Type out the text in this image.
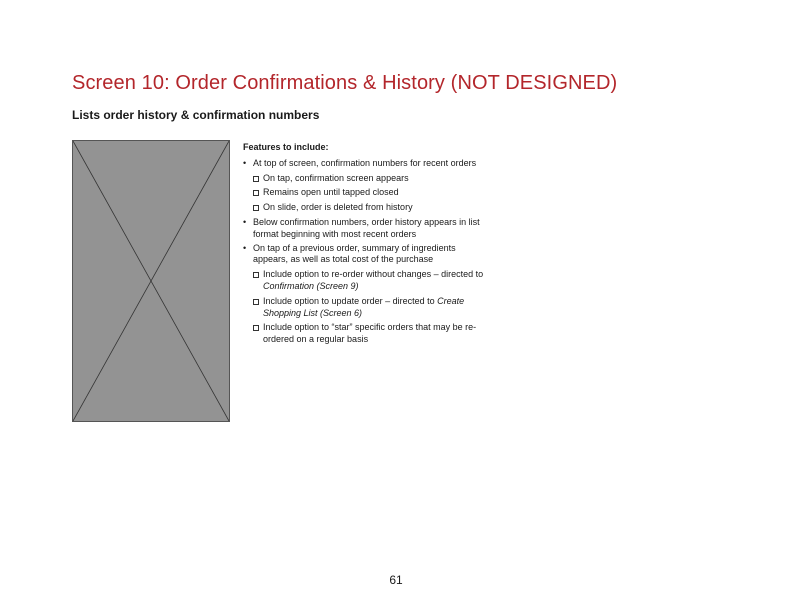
Screen 10: Order Confirmations & History (NOT DESIGNED)
Lists order history & confirmation numbers
Features to include:
• At top of screen, confirmation numbers for recent orders
On tap, confirmation screen appears
Remains open until tapped closed
On slide, order is deleted from history
• Below confirmation numbers, order history appears in list format beginning with most recent orders
• On tap of a previous order, summary of ingredients appears, as well as total cost of the purchase
Include option to re-order without changes – directed to Confirmation (Screen 9)
Include option to update order – directed to Create Shopping List (Screen 6)
Include option to “star” specific orders that may be re-ordered on a regular basis
61
